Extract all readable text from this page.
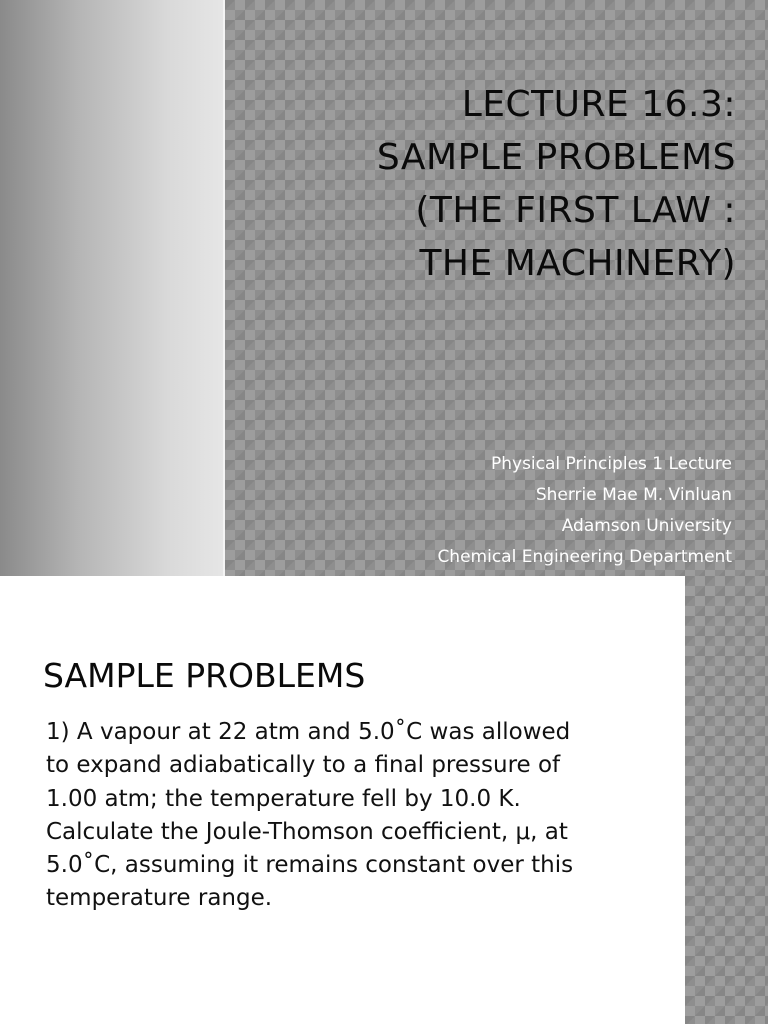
LECTURE 16.3:
SAMPLE PROBLEMS
(THE FIRST LAW :
THE MACHINERY)
Physical Principles 1 Lecture
Sherrie Mae M. Vinluan
Adamson University
Chemical Engineering Department
SAMPLE PROBLEMS

1) A vapour at 22 atm and 5.0˚C was allowed
to expand adiabatically to a final pressure of
1.00 atm; the temperature fell by 10.0 K.
Calculate the Joule-Thomson coefficient, μ, at
5.0˚C, assuming it remains constant over this
temperature range.
